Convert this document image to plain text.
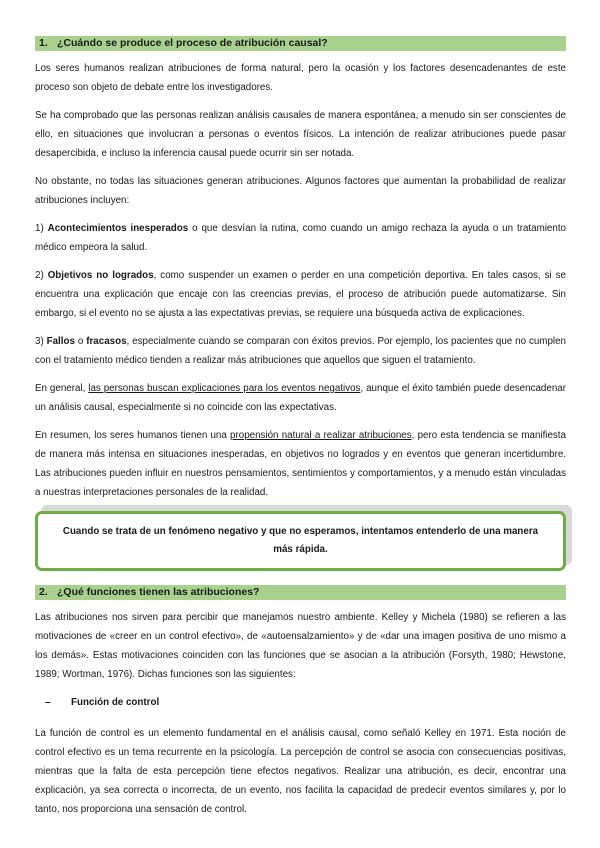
1. ¿Cuándo se produce el proceso de atribución causal?

Los seres humanos realizan atribuciones de forma natural, pero la ocasión y los factores desencadenantes de este proceso son objeto de debate entre los investigadores.

Se ha comprobado que las personas realizan análisis causales de manera espontánea, a menudo sin ser conscientes de ello, en situaciones que involucran a personas o eventos físicos. La intención de realizar atribuciones puede pasar desapercibida, e incluso la inferencia causal puede ocurrir sin ser notada.

No obstante, no todas las situaciones generan atribuciones. Algunos factores que aumentan la probabilidad de realizar atribuciones incluyen:

1) Acontecimientos inesperados o que desvían la rutina, como cuando un amigo rechaza la ayuda o un tratamiento médico empeora la salud.

2) Objetivos no logrados, como suspender un examen o perder en una competición deportiva. En tales casos, si se encuentra una explicación que encaje con las creencias previas, el proceso de atribución puede automatizarse. Sin embargo, si el evento no se ajusta a las expectativas previas, se requiere una búsqueda activa de explicaciones.

3) Fallos o fracasos, especialmente cuando se comparan con éxitos previos. Por ejemplo, los pacientes que no cumplen con el tratamiento médico tienden a realizar más atribuciones que aquellos que siguen el tratamiento.

En general, las personas buscan explicaciones para los eventos negativos, aunque el éxito también puede desencadenar un análisis causal, especialmente si no coincide con las expectativas.

En resumen, los seres humanos tienen una propensión natural a realizar atribuciones, pero esta tendencia se manifiesta de manera más intensa en situaciones inesperadas, en objetivos no logrados y en eventos que generan incertidumbre. Las atribuciones pueden influir en nuestros pensamientos, sentimientos y comportamientos, y a menudo están vinculadas a nuestras interpretaciones personales de la realidad.

Cuando se trata de un fenómeno negativo y que no esperamos, intentamos entenderlo de una manera más rápida.
2. ¿Qué funciones tienen las atribuciones?

Las atribuciones nos sirven para percibir que manejamos nuestro ambiente. Kelley y Michela (1980) se refieren a las motivaciones de «creer en un control efectivo», de «autoensalzamiento» y de «dar una imagen positiva de uno mismo a los demás». Estas motivaciones coinciden con las funciones que se asocian a la atribución (Forsyth, 1980; Hewstone, 1989; Wortman, 1976). Dichas funciones son las siguientes:

– Función de control

La función de control es un elemento fundamental en el análisis causal, como señaló Kelley en 1971. Esta noción de control efectivo es un tema recurrente en la psicología. La percepción de control se asocia con consecuencias positivas, mientras que la falta de esta percepción tiene efectos negativos. Realizar una atribución, es decir, encontrar una explicación, ya sea correcta o incorrecta, de un evento, nos facilita la capacidad de predecir eventos similares y, por lo tanto, nos proporciona una sensación de control.
